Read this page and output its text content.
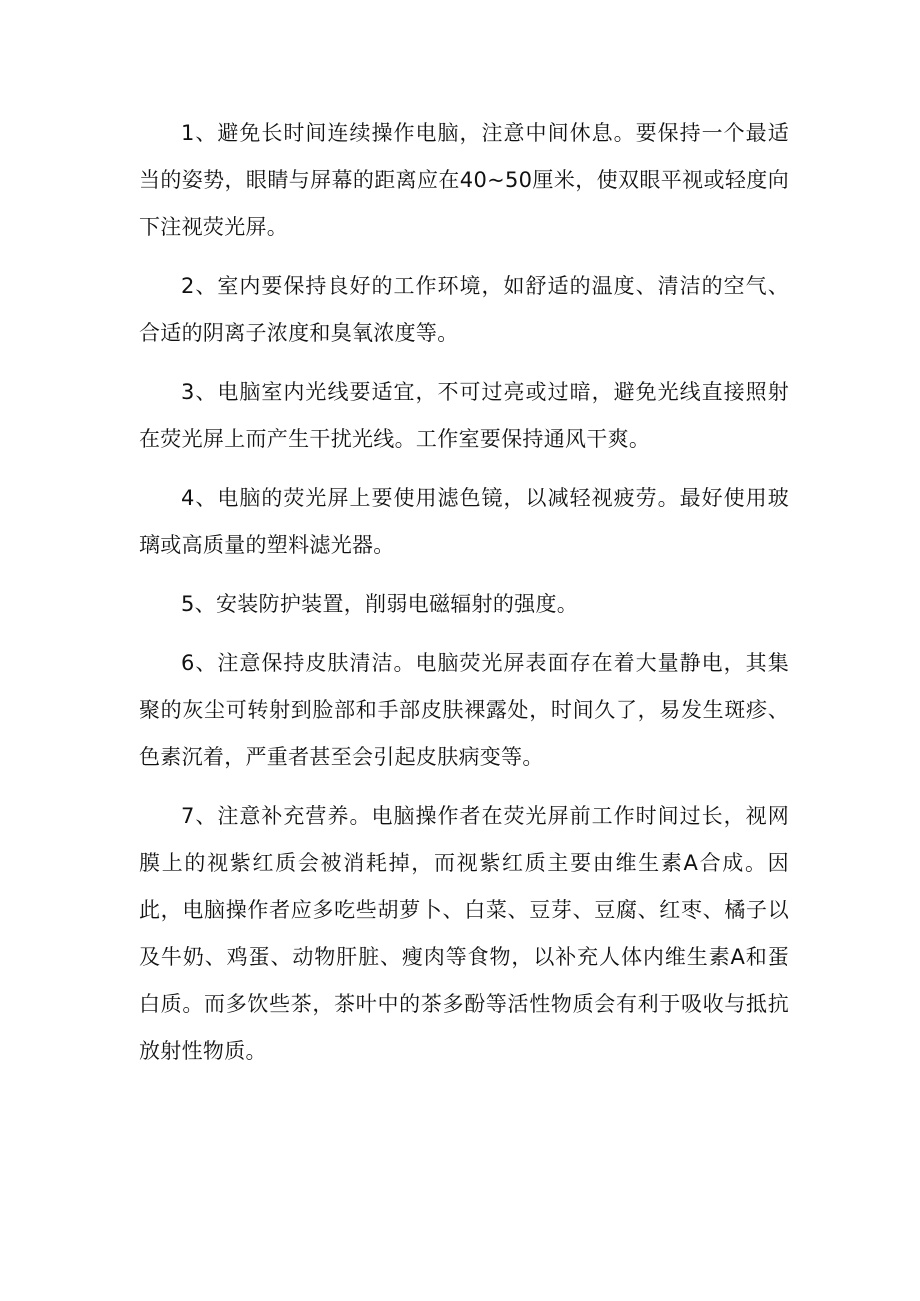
1、避免长时间连续操作电脑，注意中间休息。要保持一个最适当的姿势，眼睛与屏幕的距离应在40~50厘米，使双眼平视或轻度向下注视荧光屏。

2、室内要保持良好的工作环境，如舒适的温度、清洁的空气、合适的阴离子浓度和臭氧浓度等。

3、电脑室内光线要适宜，不可过亮或过暗，避免光线直接照射在荧光屏上而产生干扰光线。工作室要保持通风干爽。

4、电脑的荧光屏上要使用滤色镜，以减轻视疲劳。最好使用玻璃或高质量的塑料滤光器。

5、安装防护装置，削弱电磁辐射的强度。

6、注意保持皮肤清洁。电脑荧光屏表面存在着大量静电，其集聚的灰尘可转射到脸部和手部皮肤裸露处，时间久了，易发生斑疹、色素沉着，严重者甚至会引起皮肤病变等。

7、注意补充营养。电脑操作者在荧光屏前工作时间过长，视网膜上的视紫红质会被消耗掉，而视紫红质主要由维生素A合成。因此，电脑操作者应多吃些胡萝卜、白菜、豆芽、豆腐、红枣、橘子以及牛奶、鸡蛋、动物肝脏、瘦肉等食物，以补充人体内维生素A和蛋白质。而多饮些茶，茶叶中的茶多酚等活性物质会有利于吸收与抵抗放射性物质。
